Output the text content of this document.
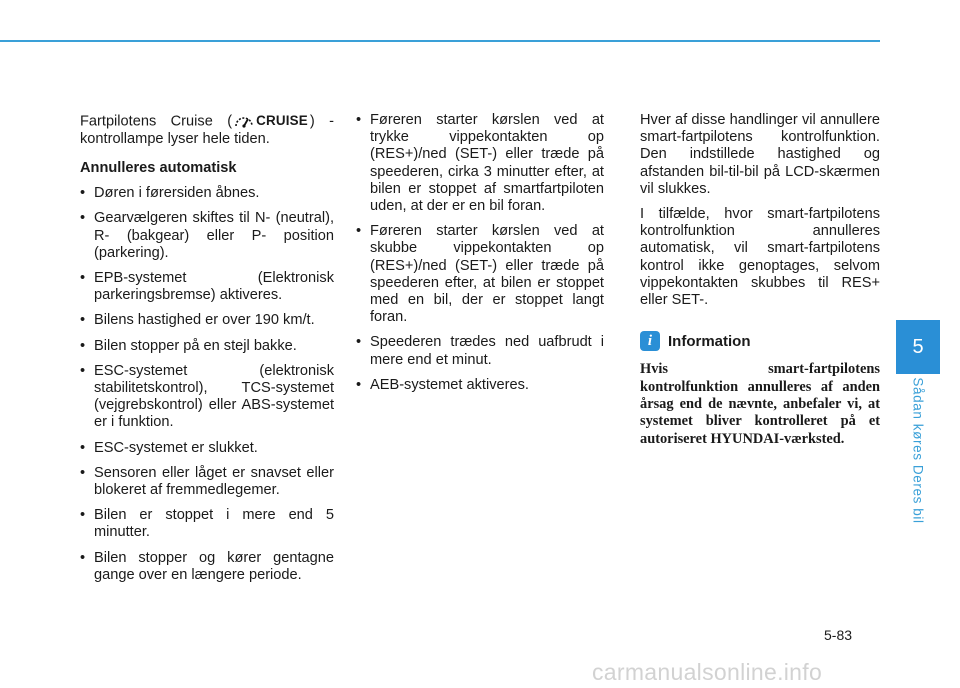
Fartpilotens Cruise ( CRUISE ) - kontrollampe lyser hele tiden.

Annulleres automatisk
• Døren i førersiden åbnes.
• Gearvælgeren skiftes til N- (neutral), R- (bakgear) eller P- position (parkering).
• EPB-systemet (Elektronisk parkeringsbremse) aktiveres.
• Bilens hastighed er over 190 km/t.
• Bilen stopper på en stejl bakke.
• ESC-systemet (elektronisk stabilitetskontrol), TCS-systemet (vejgrebskontrol) eller ABS-systemet er i funktion.
• ESC-systemet er slukket.
• Sensoren eller låget er snavset eller blokeret af fremmedlegemer.
• Bilen er stoppet i mere end 5 minutter.
• Bilen stopper og kører gentagne gange over en længere periode.
• Føreren starter kørslen ved at trykke vippekontakten op (RES+)/ned (SET-) eller træde på speederen, cirka 3 minutter efter, at bilen er stoppet af smartfartpiloten uden, at der er en bil foran.
• Føreren starter kørslen ved at skubbe vippekontakten op (RES+)/ned (SET-) eller træde på speederen efter, at bilen er stoppet med en bil, der er stoppet langt foran.
• Speederen trædes ned uafbrudt i mere end et minut.
• AEB-systemet aktiveres.

Hver af disse handlinger vil annullere smart-fartpilotens kontrolfunktion. Den indstillede hastighed og afstanden bil-til-bil på LCD-skærmen vil slukkes.

I tilfælde, hvor smart-fartpilotens kontrolfunktion annulleres automatisk, vil smart-fartpilotens kontrol ikke genoptages, selvom vippekontakten skubbes til RES+ eller SET-.

i	Information
Hvis smart-fartpilotens kontrolfunktion annulleres af anden årsag end de nævnte, anbefaler vi, at systemet bliver kontrolleret på et autoriseret HYUNDAI-værksted.
5
Sådan køres Deres bil
5-83
carmanualsonline.info
